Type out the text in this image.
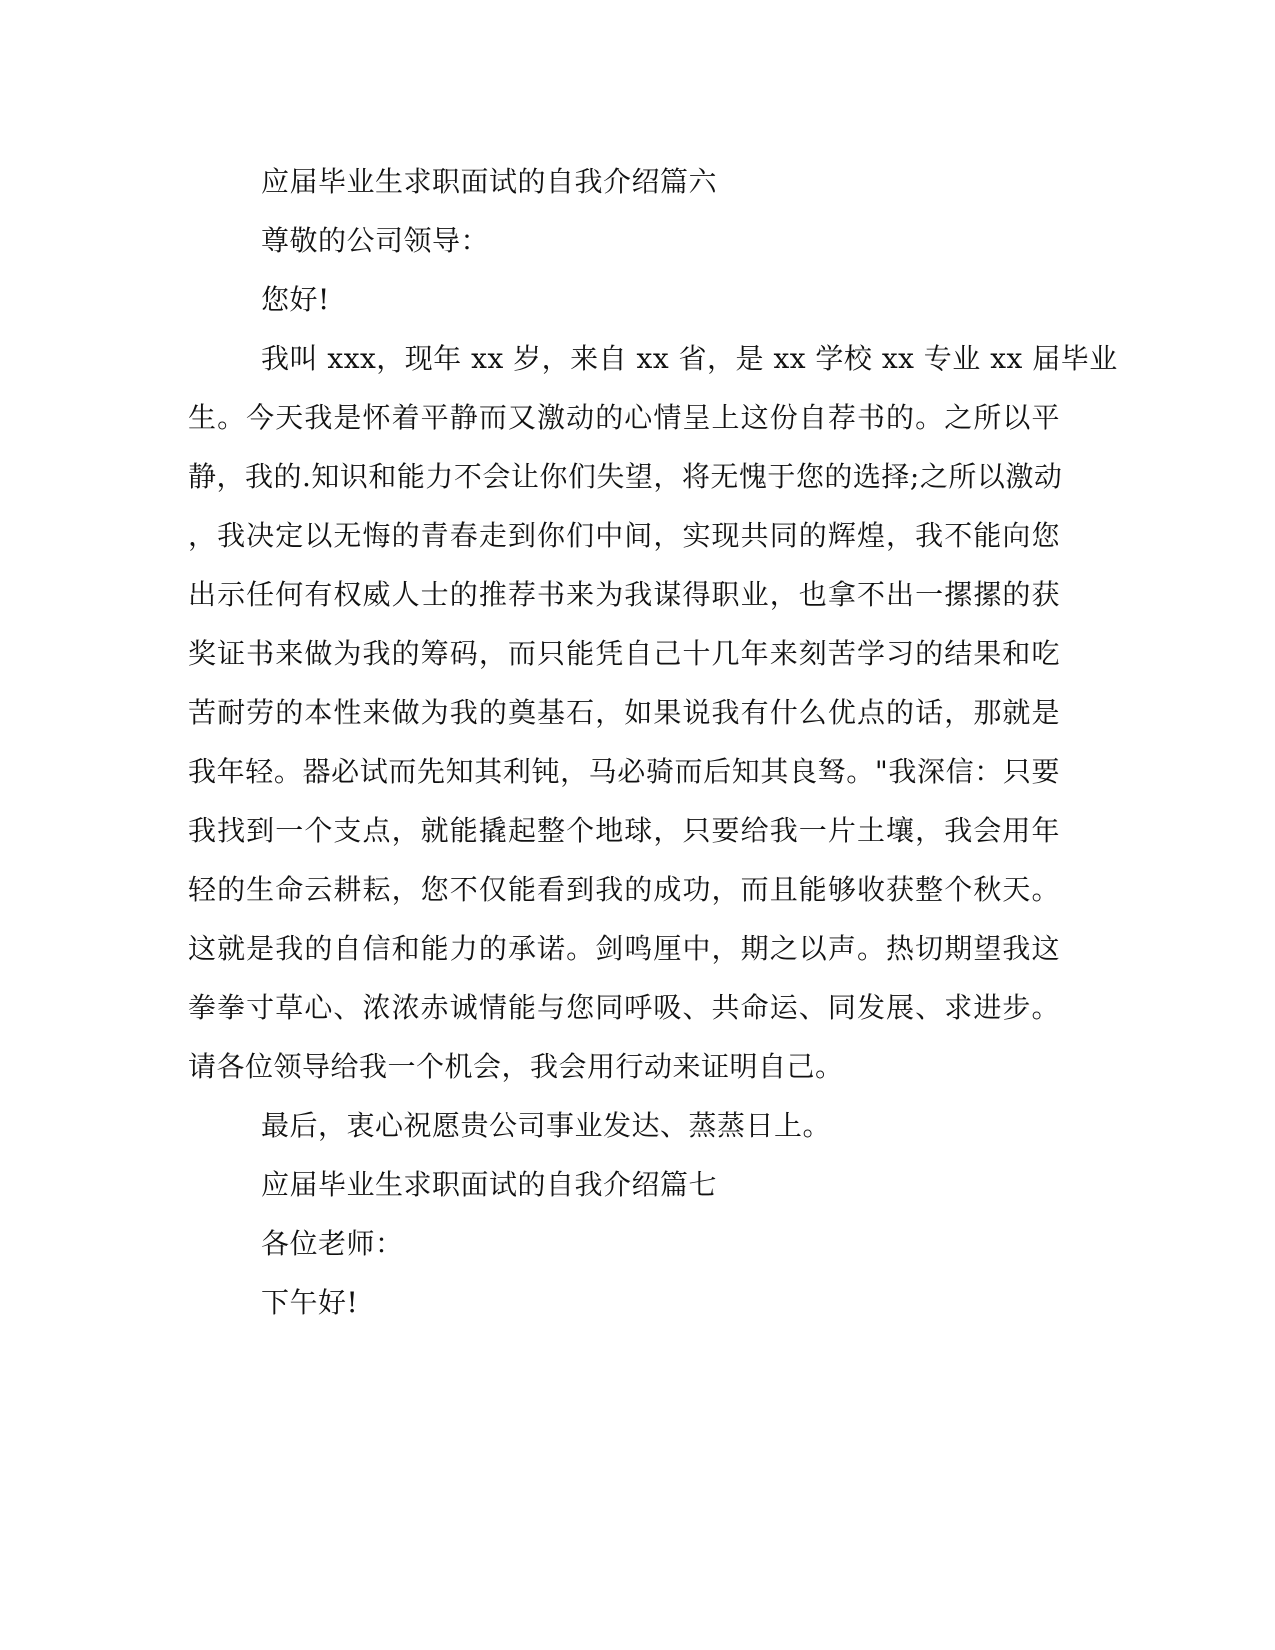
应届毕业生求职面试的自我介绍篇六
尊敬的公司领导：
您好!
我叫 xxx，现年 xx 岁，来自 xx 省，是 xx 学校 xx 专业 xx 届毕业
生。今天我是怀着平静而又激动的心情呈上这份自荐书的。之所以平
静，我的.知识和能力不会让你们失望，将无愧于您的选择;之所以激动
，我决定以无悔的青春走到你们中间，实现共同的辉煌，我不能向您
出示任何有权威人士的推荐书来为我谋得职业，也拿不出一摞摞的获
奖证书来做为我的筹码，而只能凭自己十几年来刻苦学习的结果和吃
苦耐劳的本性来做为我的奠基石，如果说我有什么优点的话，那就是
我年轻。器必试而先知其利钝，马必骑而后知其良驽。"我深信：只要
我找到一个支点，就能撬起整个地球，只要给我一片土壤，我会用年
轻的生命云耕耘，您不仅能看到我的成功，而且能够收获整个秋天。
这就是我的自信和能力的承诺。剑鸣厘中，期之以声。热切期望我这
拳拳寸草心、浓浓赤诚情能与您同呼吸、共命运、同发展、求进步。
请各位领导给我一个机会，我会用行动来证明自己。
最后，衷心祝愿贵公司事业发达、蒸蒸日上。
应届毕业生求职面试的自我介绍篇七
各位老师：
下午好!
